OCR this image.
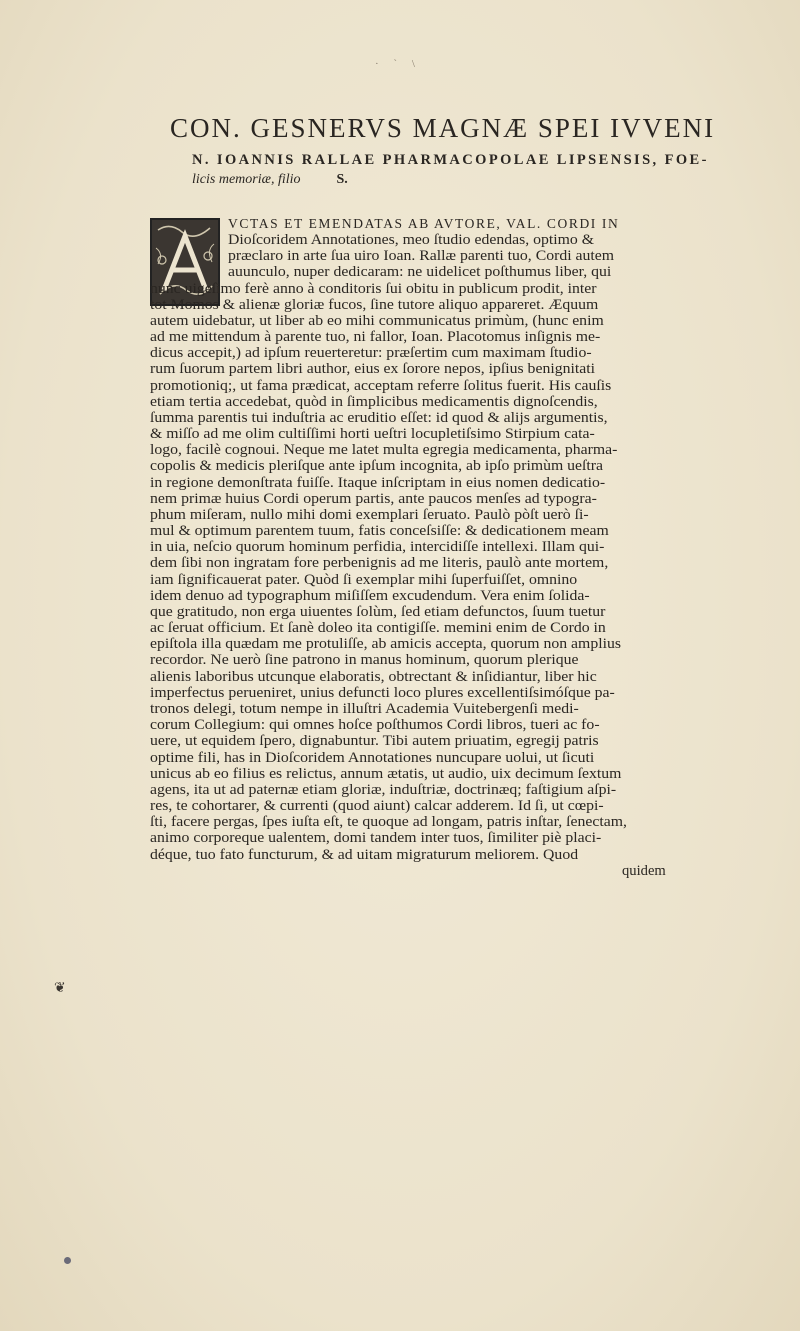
· ` \
CON. GESNERVS MAGNÆ SPEI IVVENI
N. IOANNIS RALLAE PHARMACOPOLAE LIPSENSIS, FOE-
licis memoriæ, filio	S.
VCTAS ET EMENDATAS AB AVTORE, VAL. CORDI IN
Dioſcoridem Annotationes, meo ſtudio edendas, optimo &
præclaro in arte ſua uiro Ioan. Rallæ parenti tuo, Cordi autem
auunculo, nuper dedicaram: ne uidelicet poſthumus liber, qui
nunc uigeſimo ferè anno à conditoris ſui obitu in publicum prodit, inter
tot Momos & alienæ gloriæ fucos, ſine tutore aliquo appareret. Æquum
autem uidebatur, ut liber ab eo mihi communicatus primùm, (hunc enim
ad me mittendum à parente tuo, ni fallor, Ioan. Placotomus inſignis me-
dicus accepit,) ad ipſum reuerteretur: præſertim cum maximam ſtudio-
rum ſuorum partem libri author, eius ex ſorore nepos, ipſius benignitati
promotioniq;, ut fama prædicat, acceptam referre ſolitus fuerit. His cauſis
etiam tertia accedebat, quòd in ſimplicibus medicamentis dignoſcendis,
ſumma parentis tui induſtria ac eruditio eſſet: id quod & alijs argumentis,
& miſſo ad me olim cultiſſimi horti ueſtri locupletiſsimo Stirpium cata-
logo, facilè cognoui. Neque me latet multa egregia medicamenta, pharma-
copolis & medicis pleriſque ante ipſum incognita, ab ipſo primùm ueſtra
in regione demonſtrata fuiſſe. Itaque inſcriptam in eius nomen dedicatio-
nem primæ huius Cordi operum partis, ante paucos menſes ad typogra-
phum miſeram, nullo mihi domi exemplari ſeruato. Paulò pòſt uerò ſi-
mul & optimum parentem tuum, fatis conceſsiſſe: & dedicationem meam
in uia, neſcio quorum hominum perfidia, intercidiſſe intellexi. Illam qui-
dem ſibi non ingratam fore perbenignis ad me literis, paulò ante mortem,
iam ſignificauerat pater. Quòd ſi exemplar mihi ſuperfuiſſet, omnino
idem denuo ad typographum miſiſſem excudendum. Vera enim ſolida-
que gratitudo, non erga uiuentes ſolùm, ſed etiam defunctos, ſuum tuetur
ac ſeruat officium. Et ſanè doleo ita contigiſſe. memini enim de Cordo in
epiſtola illa quædam me protuliſſe, ab amicis accepta, quorum non amplius
recordor. Ne uerò ſine patrono in manus hominum, quorum plerique
alienis laboribus utcunque elaboratis, obtrectant & inſidiantur, liber hic
imperfectus perueniret, unius defuncti loco plures excellentiſsimóſque pa-
tronos delegi, totum nempe in illuſtri Academia Vuitebergenſi medi-
corum Collegium: qui omnes hoſce poſthumos Cordi libros, tueri ac fo-
uere, ut equidem ſpero, dignabuntur. Tibi autem priuatim, egregij patris
optime fili, has in Dioſcoridem Annotationes nuncupare uolui, ut ſicuti
unicus ab eo filius es relictus, annum ætatis, ut audio, uix decimum ſextum
agens, ita ut ad paternæ etiam gloriæ, induſtriæ, doctrinæq; faſtigium aſpi-
res, te cohortarer, & currenti (quod aiunt) calcar adderem. Id ſi, ut cœpi-
ſti, facere pergas, ſpes iuſta eſt, te quoque ad longam, patris inſtar, ſenectam,
animo corporeque ualentem, domi tandem inter tuos, ſimiliter piè placi-
déque, tuo fato functurum, & ad uitam migraturum meliorem. Quod
quidem
❦
